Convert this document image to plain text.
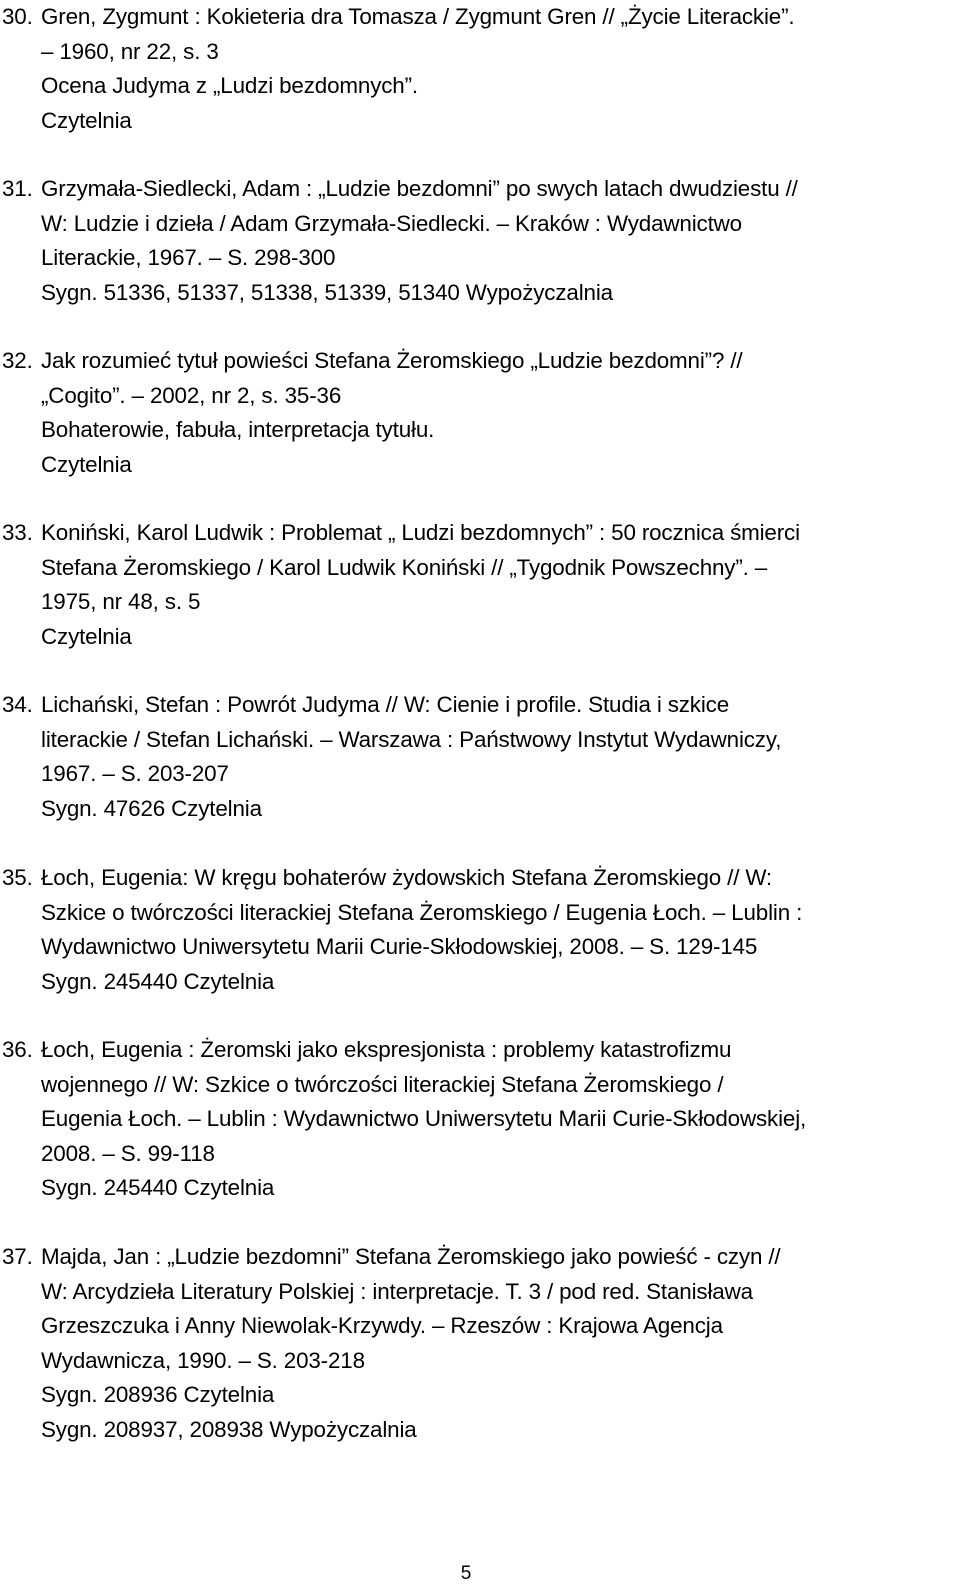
30. Gren, Zygmunt : Kokieteria dra Tomasza / Zygmunt Gren // „Życie Literackie”.
– 1960, nr 22, s. 3
Ocena Judyma z „Ludzi bezdomnych”.
Czytelnia
31. Grzymała-Siedlecki, Adam : „Ludzie bezdomni” po swych latach dwudziestu //
W: Ludzie i dzieła / Adam Grzymała-Siedlecki. – Kraków : Wydawnictwo
Literackie, 1967. – S. 298-300
Sygn. 51336, 51337, 51338, 51339, 51340 Wypożyczalnia
32. Jak rozumieć tytuł powieści Stefana Żeromskiego „Ludzie bezdomni”? //
„Cogito”. – 2002, nr 2, s. 35-36
Bohaterowie, fabuła, interpretacja tytułu.
Czytelnia
33. Koniński, Karol Ludwik : Problemat „ Ludzi bezdomnych” : 50 rocznica śmierci
Stefana Żeromskiego / Karol Ludwik Koniński // „Tygodnik Powszechny”. –
1975, nr 48, s. 5
Czytelnia
34. Lichański, Stefan : Powrót Judyma // W: Cienie i profile. Studia i szkice
literackie / Stefan Lichański. – Warszawa : Państwowy Instytut Wydawniczy,
1967. – S. 203-207
Sygn. 47626 Czytelnia
35. Łoch, Eugenia: W kręgu bohaterów żydowskich Stefana Żeromskiego // W:
Szkice o twórczości literackiej Stefana Żeromskiego / Eugenia Łoch. – Lublin :
Wydawnictwo Uniwersytetu Marii Curie-Skłodowskiej, 2008. – S. 129-145
Sygn. 245440 Czytelnia
36. Łoch, Eugenia : Żeromski jako ekspresjonista : problemy katastrofizmu
wojennego // W: Szkice o twórczości literackiej Stefana Żeromskiego /
Eugenia Łoch. – Lublin : Wydawnictwo Uniwersytetu Marii Curie-Skłodowskiej,
2008. – S. 99-118
Sygn. 245440 Czytelnia
37. Majda, Jan : „Ludzie bezdomni” Stefana Żeromskiego jako powieść - czyn //
W: Arcydzieła Literatury Polskiej : interpretacje. T. 3 / pod red. Stanisława
Grzeszczuka i Anny Niewolak-Krzywdy. – Rzeszów : Krajowa Agencja
Wydawnicza, 1990. – S. 203-218
Sygn. 208936 Czytelnia
Sygn. 208937, 208938 Wypożyczalnia
5
